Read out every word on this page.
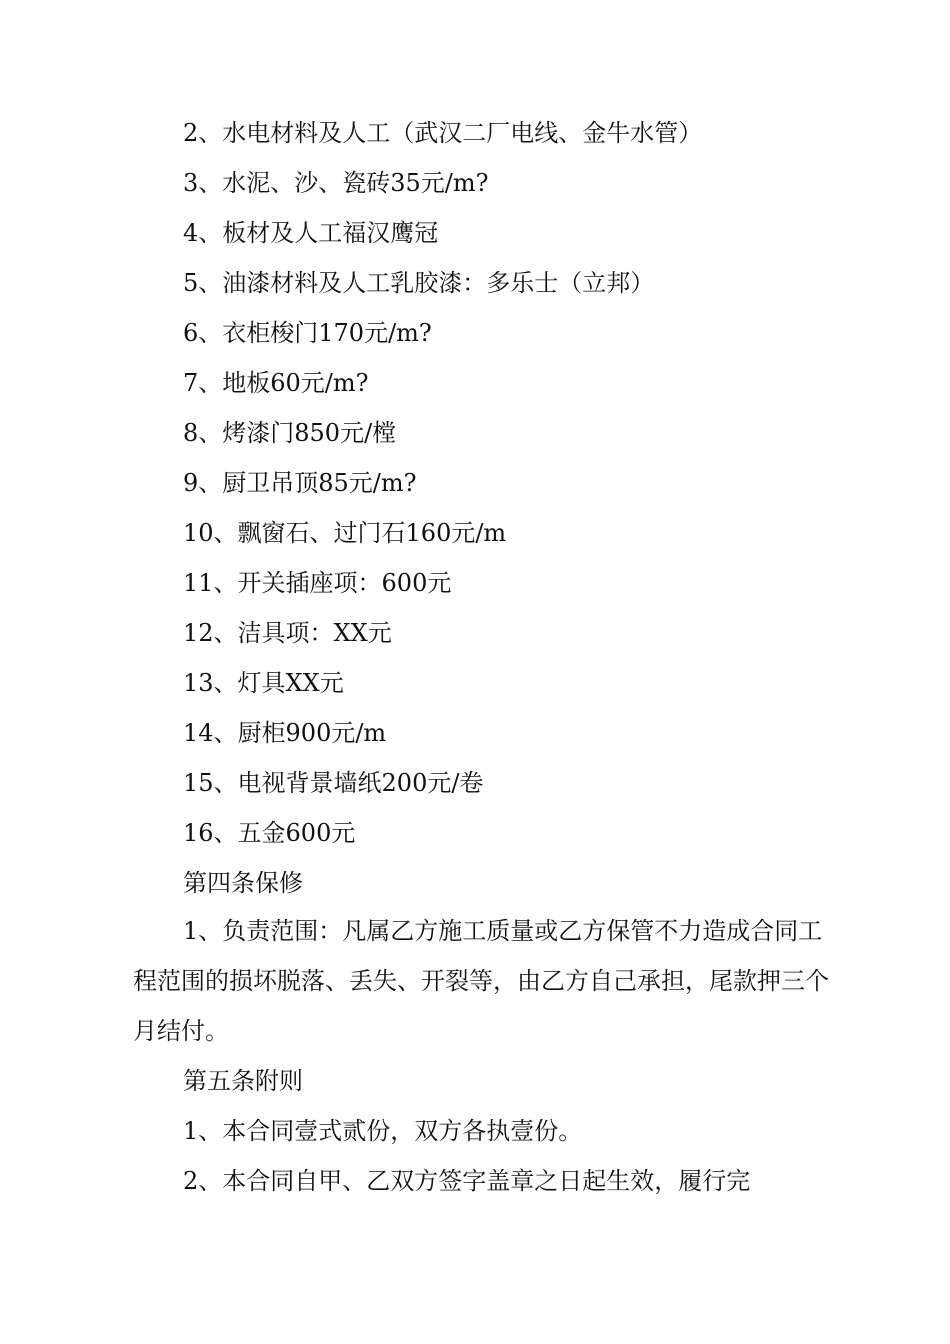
2、水电材料及人工（武汉二厂电线、金牛水管）

3、水泥、沙、瓷砖35元/m?

4、板材及人工福汉鹰冠

5、油漆材料及人工乳胶漆：多乐士（立邦）

6、衣柜梭门170元/m?

7、地板60元/m?

8、烤漆门850元/樘

9、厨卫吊顶85元/m?

10、飘窗石、过门石160元/m

11、开关插座项：600元

12、洁具项：XX元

13、灯具XX元

14、厨柜900元/m

15、电视背景墙纸200元/卷

16、五金600元

第四条保修

1、负责范围：凡属乙方施工质量或乙方保管不力造成合同工程范围的损坏脱落、丢失、开裂等，由乙方自己承担，尾款押三个月结付。

第五条附则

1、本合同壹式贰份，双方各执壹份。

2、本合同自甲、乙双方签字盖章之日起生效，履行完
